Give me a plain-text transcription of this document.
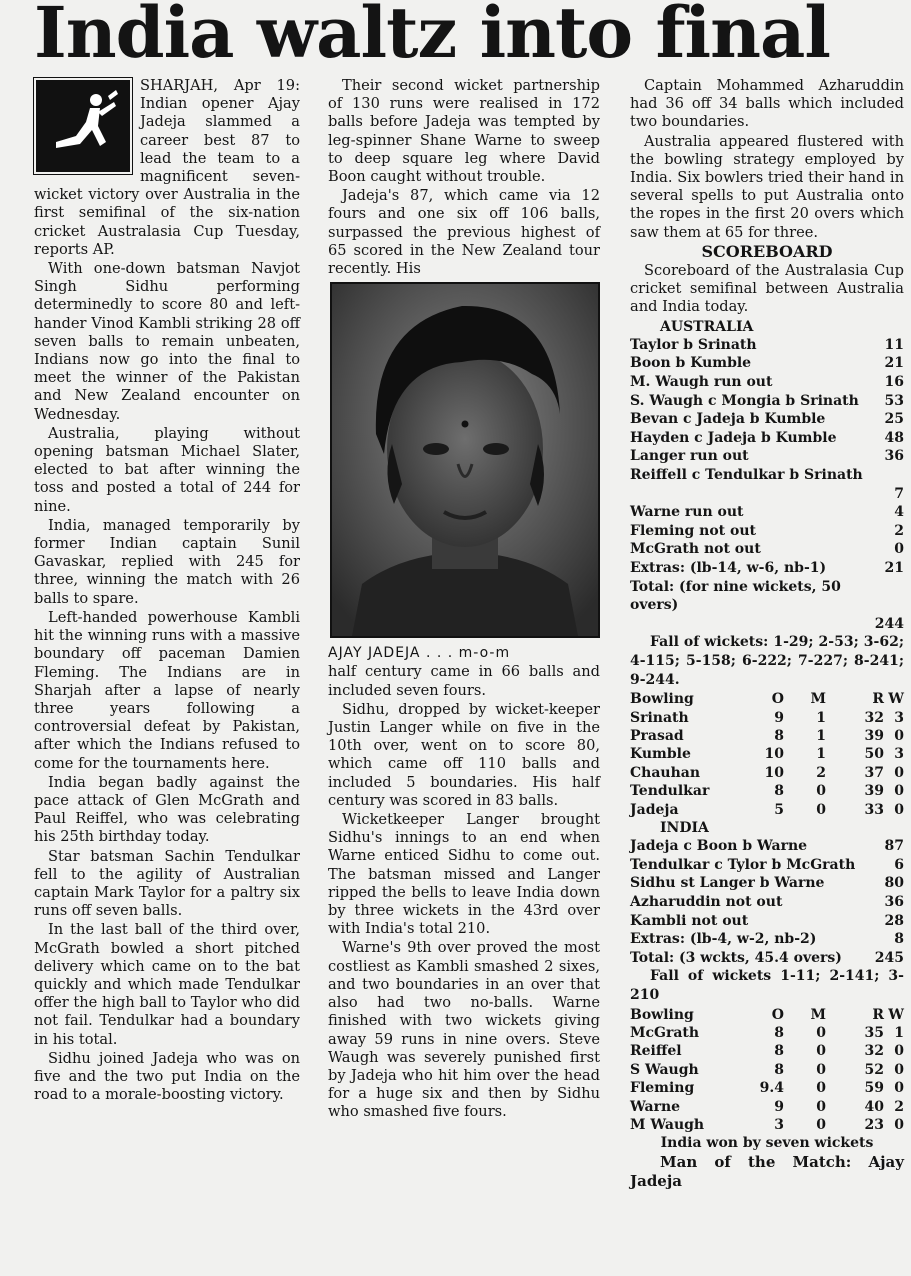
India waltz into final

SHARJAH, Apr 19: Indian opener Ajay Jadeja slammed a career best 87 to lead the team to a magnificent seven-wicket victory over Australia in the first semifinal of the six-nation cricket Australasia Cup Tuesday, reports AP.

With one-down batsman Navjot Singh Sidhu performing determinedly to score 80 and left-hander Vinod Kambli striking 28 off seven balls to remain unbeaten, Indians now go into the final to meet the winner of the Pakistan and New Zealand encounter on Wednesday.

Australia, playing without opening batsman Michael Slater, elected to bat after winning the toss and posted a total of 244 for nine.

India, managed temporarily by former Indian captain Sunil Gavaskar, replied with 245 for three, winning the match with 26 balls to spare.

Left-handed powerhouse Kambli hit the winning runs with a massive boundary off paceman Damien Fleming. The Indians are in Sharjah after a lapse of nearly three years following a controversial defeat by Pakistan, after which the Indians refused to come for the tournaments here.

India began badly against the pace attack of Glen McGrath and Paul Reiffel, who was celebrating his 25th birthday today.

Star batsman Sachin Tendulkar fell to the agility of Australian captain Mark Taylor for a paltry six runs off seven balls.

In the last ball of the third over, McGrath bowled a short pitched delivery which came on to the bat quickly and which made Tendulkar offer the high ball to Taylor who did not fail. Tendulkar had a boundary in his total.

Sidhu joined Jadeja who was on five and the two put India on the road to a morale-boosting victory.

Their second wicket partnership of 130 runs were realised in 172 balls before Jadeja was tempted by leg-spinner Shane Warne to sweep to deep square leg where David Boon caught without trouble.

Jadeja's 87, which came via 12 fours and one six off 106 balls, surpassed the previous highest of 65 scored in the New Zealand tour recently. His

AJAY JADEJA . . . m-o-m

half century came in 66 balls and included seven fours.

Sidhu, dropped by wicket-keeper Justin Langer while on five in the 10th over, went on to score 80, which came off 110 balls and included 5 boundaries. His half century was scored in 83 balls.

Wicketkeeper Langer brought Sidhu's innings to an end when Warne enticed Sidhu to come out. The batsman missed and Langer ripped the bells to leave India down by three wickets in the 43rd over with India's total 210.

Warne's 9th over proved the most costliest as Kambli smashed 2 sixes, and two boundaries in an over that also had two no-balls. Warne finished with two wickets giving away 59 runs in nine overs. Steve Waugh was severely punished first by Jadeja who hit him over the head for a huge six and then by Sidhu who smashed five fours.

Captain Mohammed Azharuddin had 36 off 34 balls which included two boundaries.

Australia appeared flustered with the bowling strategy employed by India. Six bowlers tried their hand in several spells to put Australia onto the ropes in the first 20 overs which saw them at 65 for three.

SCOREBOARD

Scoreboard of the Australasia Cup cricket semifinal between Australia and India today.

AUSTRALIA
Taylor b Srinath	11
Boon b Kumble	21
M. Waugh run out	16
S. Waugh c Mongia b Srinath 53
Bevan c Jadeja b Kumble	25
Hayden c Jadeja b Kumble	48
Langer run out	36
Reiffell c Tendulkar b Srinath
7
Warne run out	4
Fleming not out	2
McGrath not out	0
Extras: (lb-14, w-6, nb-1)	21
Total: (for nine wickets, 50
overs)
244

Fall of wickets: 1-29; 2-53; 3-62; 4-115; 5-158; 6-222; 7-227; 8-241; 9-244.

Bowling	O	M	R W
Srinath	9	1	32 3
Prasad	8	1	39 0
Kumble	10	1	50 3
Chauhan	10	2	37 0
Tendulkar	8	0	39 0
Jadeja	5	0	33 0
INDIA
Jadeja c Boon b Warne	87
Tendulkar c Tylor b McGrath	6
Sidhu st Langer b Warne	80
Azharuddin not out	36
Kambli not out	28
Extras: (lb-4, w-2, nb-2)	8
Total: (3 wckts, 45.4 overs) 245

Fall of wickets 1-11; 2-141; 3-210

Bowling	O	M	R W
McGrath	8	0	35 1
Reiffel	8	0	32 0
S Waugh	8	0	52 0
Fleming	9.4	0	59 0
Warne	9	0	40 2
M Waugh	3	0	23 0
India won by seven wickets

Man of the Match: Ajay Jadeja
